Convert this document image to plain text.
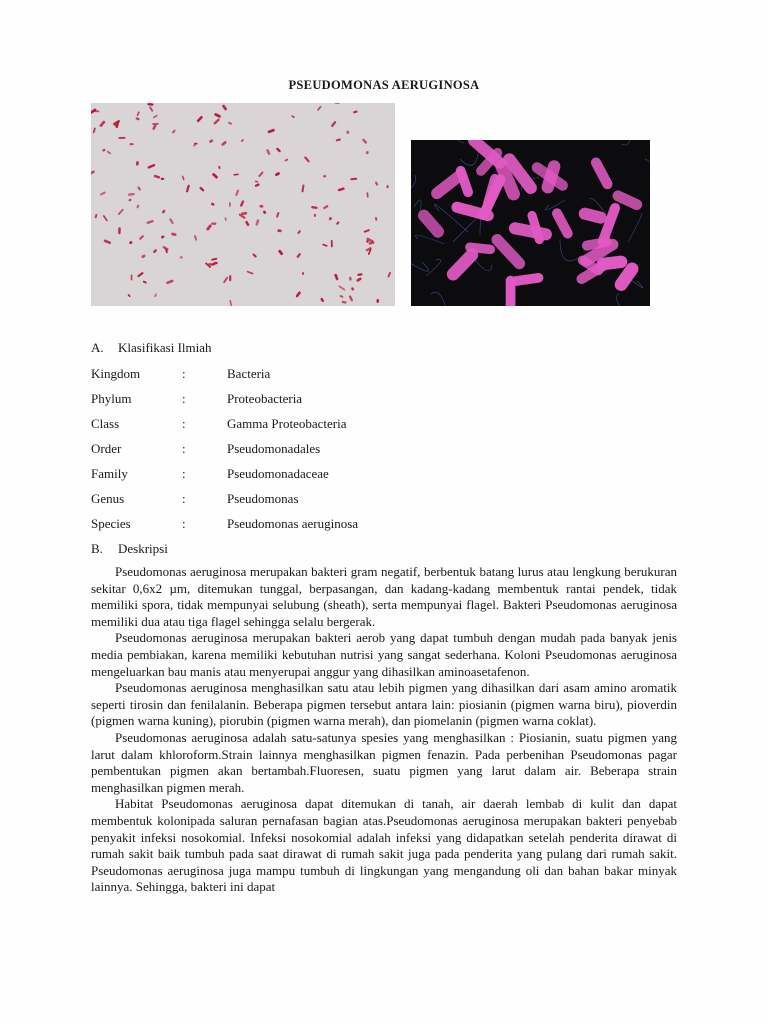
PSEUDOMONAS AERUGINOSA
A. Klasifikasi Ilmiah
Kingdom	:	Bacteria
Phylum	:	Proteobacteria
Class	:	Gamma Proteobacteria
Order	:	Pseudomonadales
Family	:	Pseudomonadaceae
Genus	:	Pseudomonas
Species	:	Pseudomonas aeruginosa
B. Deskripsi

Pseudomonas aeruginosa merupakan bakteri gram negatif, berbentuk batang lurus atau lengkung berukuran sekitar 0,6x2 µm, ditemukan tunggal, berpasangan, dan kadang-kadang membentuk rantai pendek, tidak memiliki spora, tidak mempunyai selubung (sheath), serta mempunyai flagel. Bakteri Pseudomonas aeruginosa memiliki dua atau tiga flagel sehingga selalu bergerak.

Pseudomonas aeruginosa merupakan bakteri aerob yang dapat tumbuh dengan mudah pada banyak jenis media pembiakan, karena memiliki kebutuhan nutrisi yang sangat sederhana. Koloni Pseudomonas aeruginosa mengeluarkan bau manis atau menyerupai anggur yang dihasilkan aminoasetafenon.

Pseudomonas aeruginosa menghasilkan satu atau lebih pigmen yang dihasilkan dari asam amino aromatik seperti tirosin dan fenilalanin. Beberapa pigmen tersebut antara lain: piosianin (pigmen warna biru), pioverdin (pigmen warna kuning), piorubin (pigmen warna merah), dan piomelanin (pigmen warna coklat).

Pseudomonas aeruginosa adalah satu-satunya spesies yang menghasilkan : Piosianin, suatu pigmen yang larut dalam khloroform.Strain lainnya menghasilkan pigmen fenazin. Pada perbenihan Pseudomonas pagar pembentukan pigmen akan bertambah.Fluoresen, suatu pigmen yang larut dalam air. Beberapa strain menghasilkan pigmen merah.

Habitat Pseudomonas aeruginosa dapat ditemukan di tanah, air daerah lembab di kulit dan dapat membentuk kolonipada saluran pernafasan bagian atas.Pseudomonas aeruginosa merupakan bakteri penyebab penyakit infeksi nosokomial. Infeksi nosokomial adalah infeksi yang didapatkan setelah penderita dirawat di rumah sakit baik tumbuh pada saat dirawat di rumah sakit juga pada penderita yang pulang dari rumah sakit. Pseudomonas aeruginosa juga mampu tumbuh di lingkungan yang mengandung oli dan bahan bakar minyak lainnya. Sehingga, bakteri ini dapat
